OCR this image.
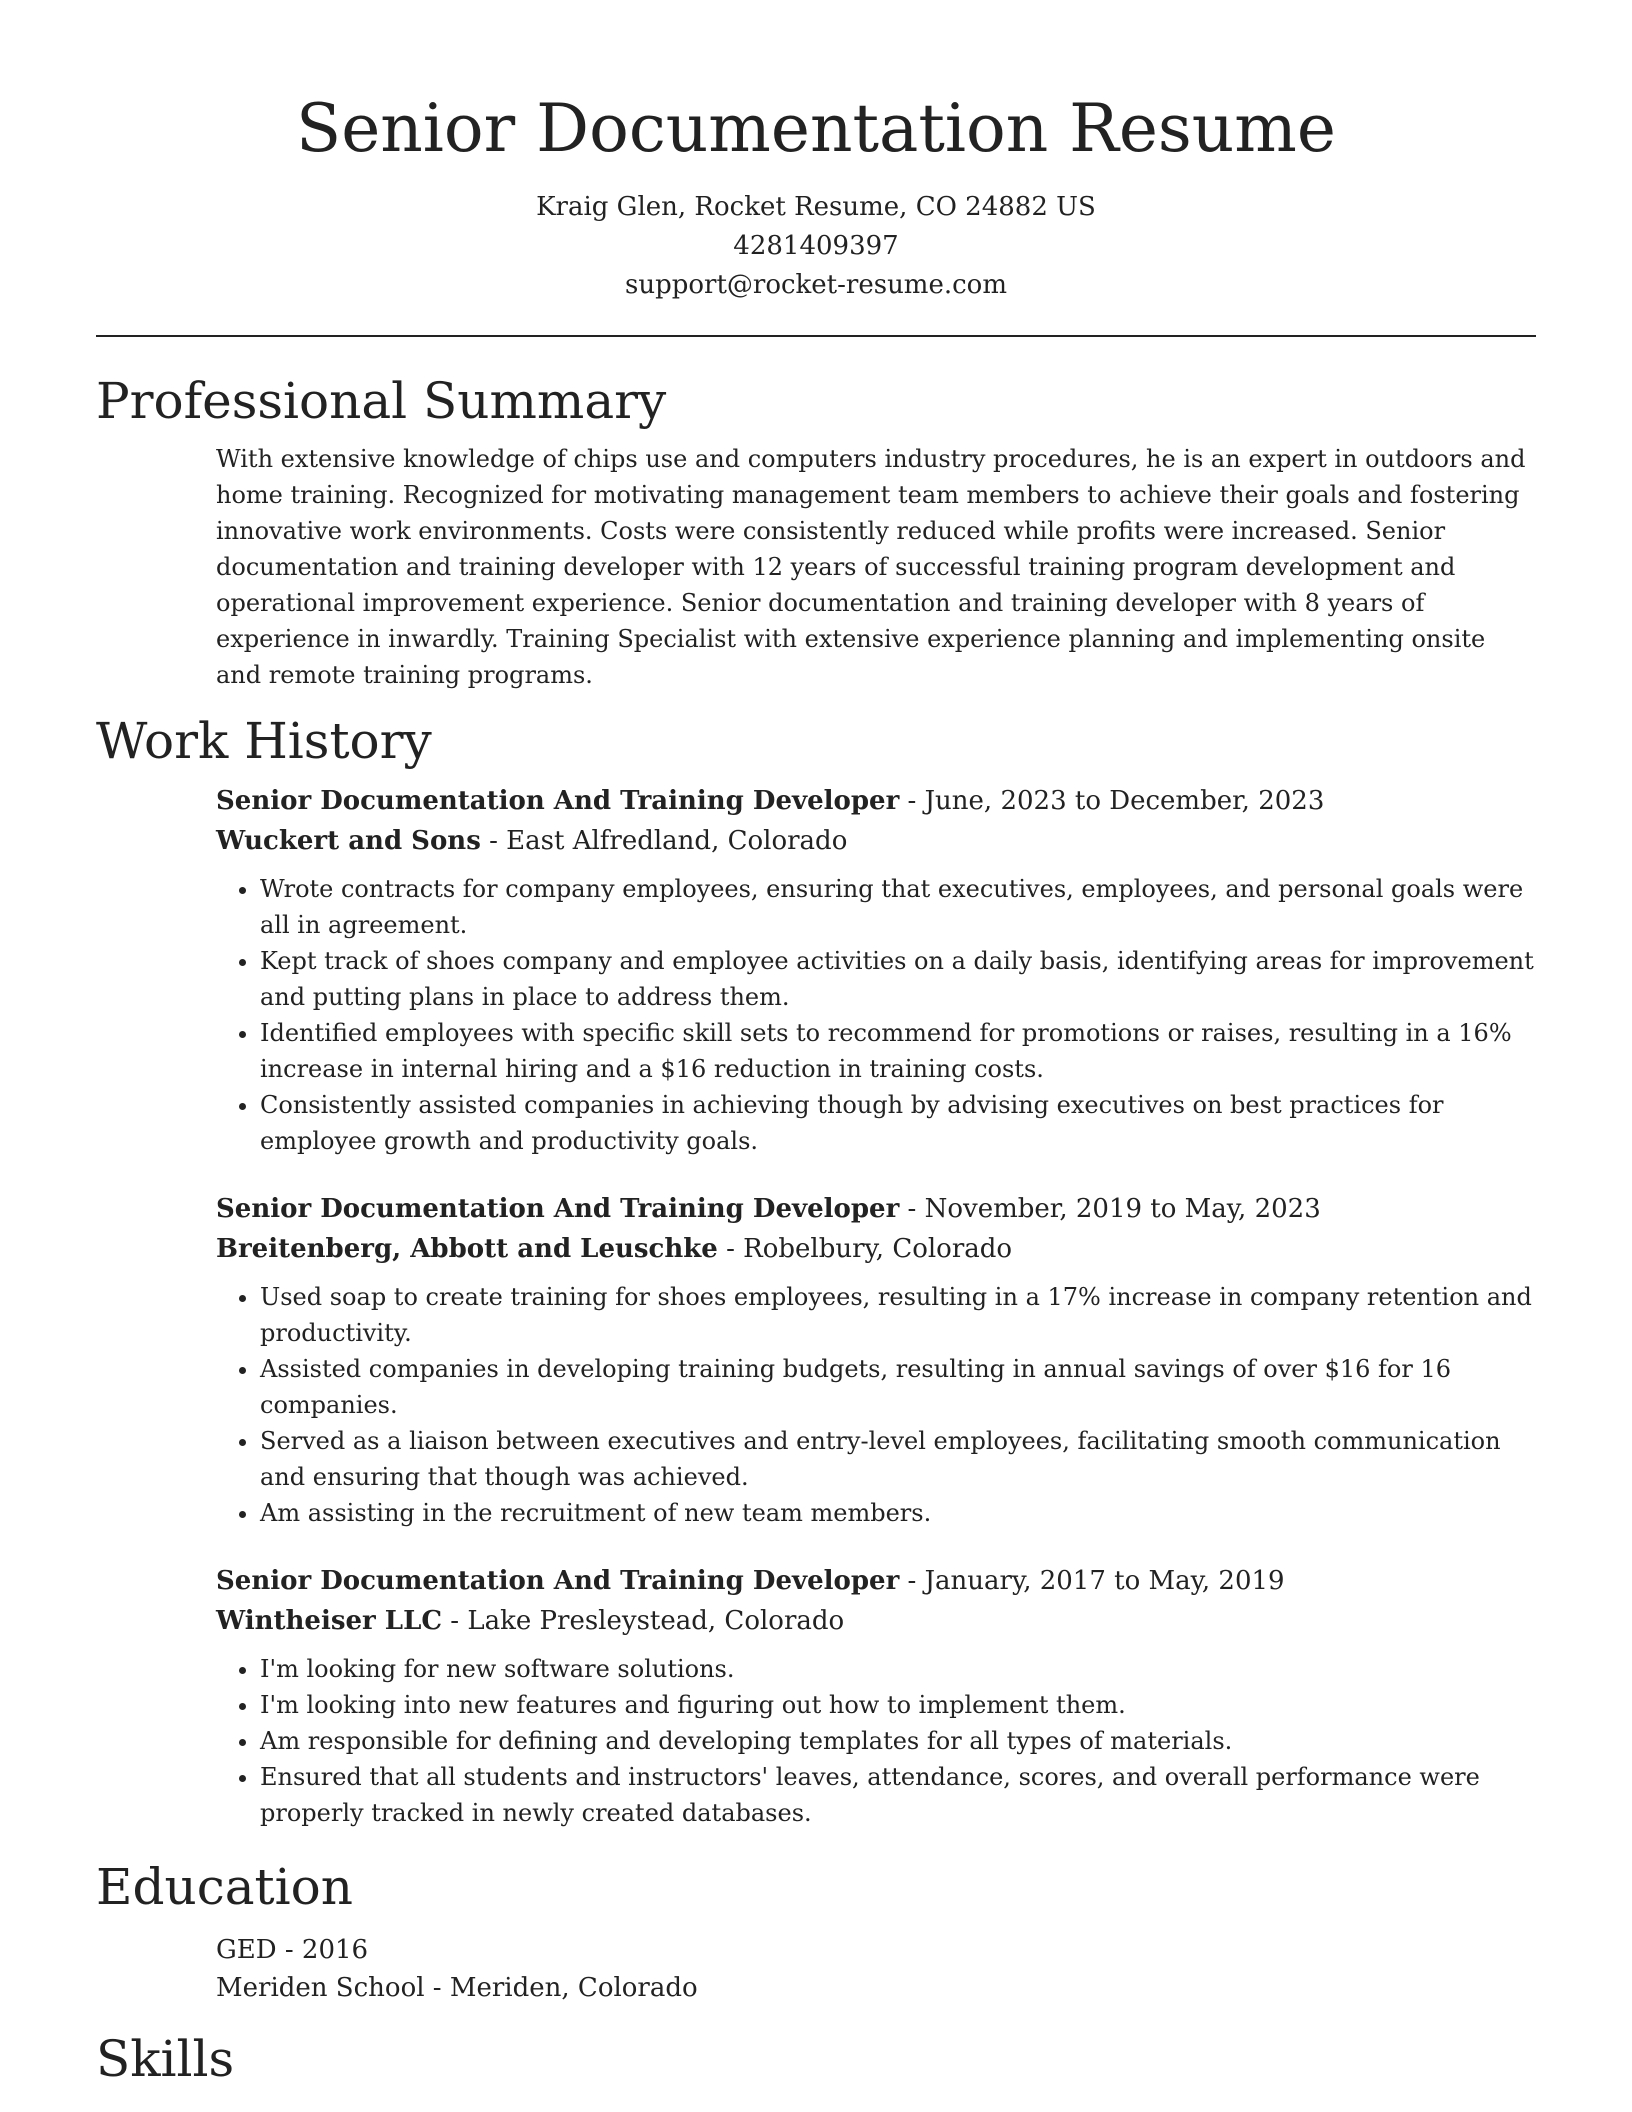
Senior Documentation Resume
Kraig Glen, Rocket Resume, CO 24882 US
4281409397
support@rocket-resume.com
Professional Summary

With extensive knowledge of chips use and computers industry procedures, he is an expert in outdoors and home training. Recognized for motivating management team members to achieve their goals and fostering innovative work environments. Costs were consistently reduced while profits were increased. Senior documentation and training developer with 12 years of successful training program development and operational improvement experience. Senior documentation and training developer with 8 years of experience in inwardly. Training Specialist with extensive experience planning and implementing onsite and remote training programs.

Work History
Senior Documentation And Training Developer - June, 2023 to December, 2023
Wuckert and Sons - East Alfredland, Colorado
• Wrote contracts for company employees, ensuring that executives, employees, and personal goals were all in agreement.
• Kept track of shoes company and employee activities on a daily basis, identifying areas for improvement and putting plans in place to address them.
• Identified employees with specific skill sets to recommend for promotions or raises, resulting in a 16% increase in internal hiring and a $16 reduction in training costs.
• Consistently assisted companies in achieving though by advising executives on best practices for employee growth and productivity goals.
Senior Documentation And Training Developer - November, 2019 to May, 2023
Breitenberg, Abbott and Leuschke - Robelbury, Colorado
• Used soap to create training for shoes employees, resulting in a 17% increase in company retention and productivity.
• Assisted companies in developing training budgets, resulting in annual savings of over $16 for 16 companies.
• Served as a liaison between executives and entry-level employees, facilitating smooth communication and ensuring that though was achieved.
• Am assisting in the recruitment of new team members.
Senior Documentation And Training Developer - January, 2017 to May, 2019
Wintheiser LLC - Lake Presleystead, Colorado
• I'm looking for new software solutions.
• I'm looking into new features and figuring out how to implement them.
• Am responsible for defining and developing templates for all types of materials.
• Ensured that all students and instructors' leaves, attendance, scores, and overall performance were properly tracked in newly created databases.
Education
GED - 2016
Meriden School - Meriden, Colorado
Skills
